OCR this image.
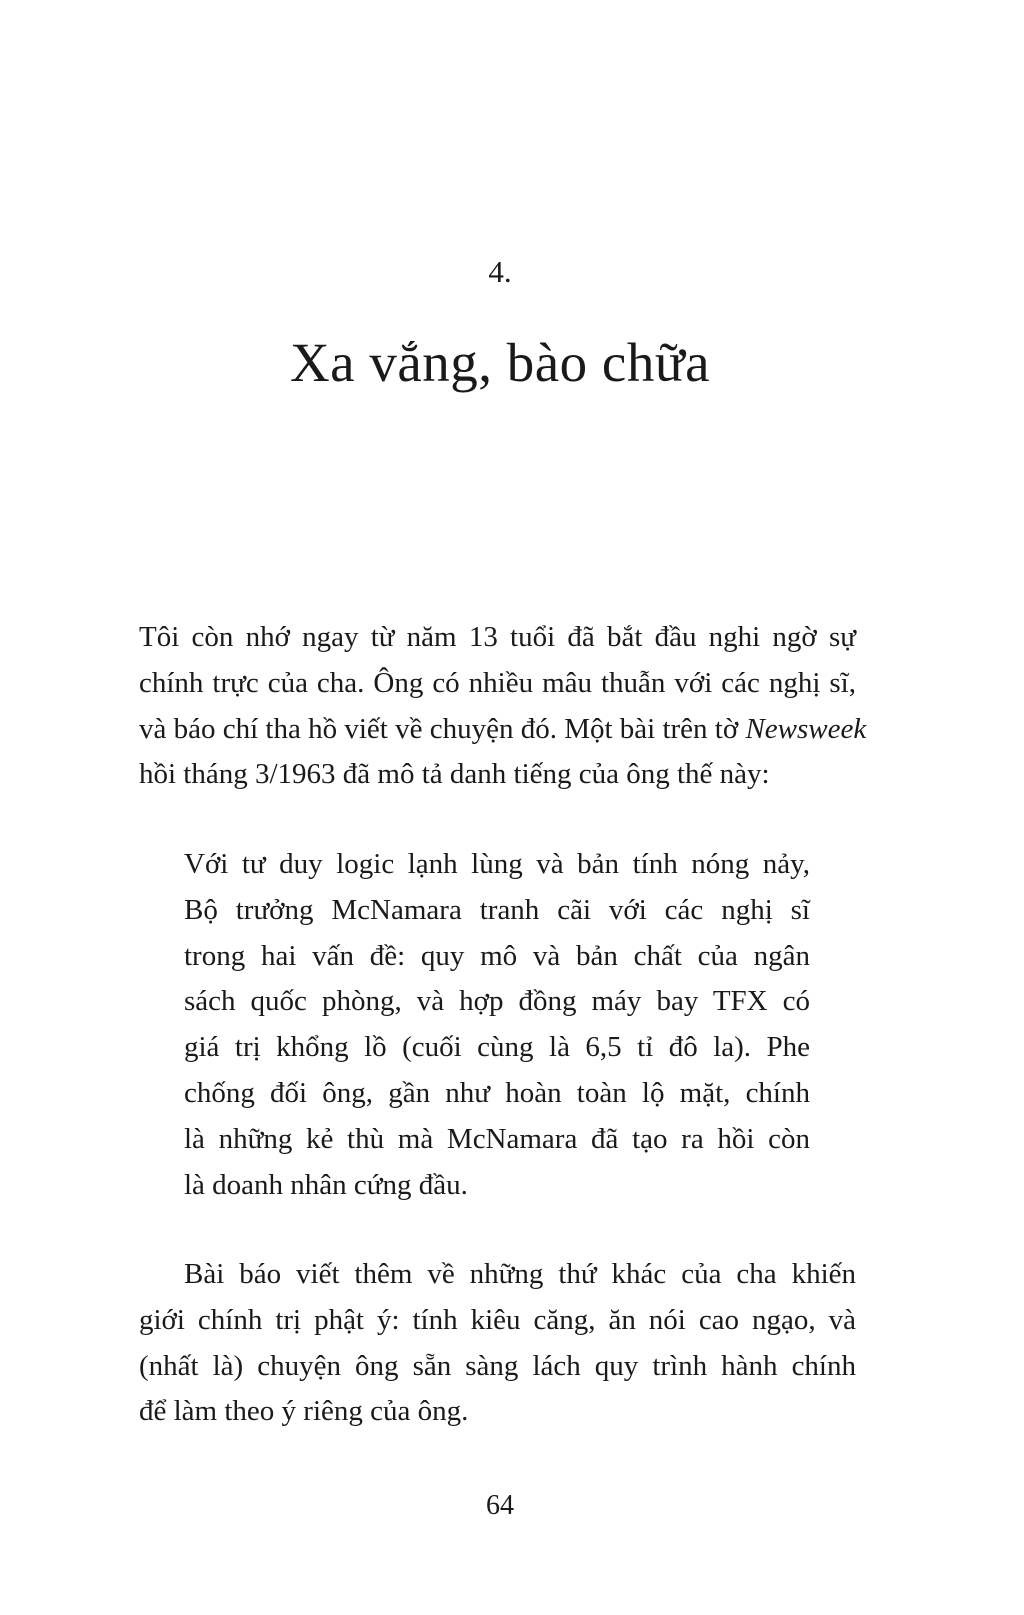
4.
Xa vắng, bào chữa
Tôi còn nhớ ngay từ năm 13 tuổi đã bắt đầu nghi ngờ sự
chính trực của cha. Ông có nhiều mâu thuẫn với các nghị sĩ,
và báo chí tha hồ viết về chuyện đó. Một bài trên tờ Newsweek
hồi tháng 3/1963 đã mô tả danh tiếng của ông thế này:
Với tư duy logic lạnh lùng và bản tính nóng nảy,
Bộ trưởng McNamara tranh cãi với các nghị sĩ
trong hai vấn đề: quy mô và bản chất của ngân
sách quốc phòng, và hợp đồng máy bay TFX có
giá trị khổng lồ (cuối cùng là 6,5 tỉ đô la). Phe
chống đối ông, gần như hoàn toàn lộ mặt, chính
là những kẻ thù mà McNamara đã tạo ra hồi còn
là doanh nhân cứng đầu.
Bài báo viết thêm về những thứ khác của cha khiến
giới chính trị phật ý: tính kiêu căng, ăn nói cao ngạo, và
(nhất là) chuyện ông sẵn sàng lách quy trình hành chính
để làm theo ý riêng của ông.
64
